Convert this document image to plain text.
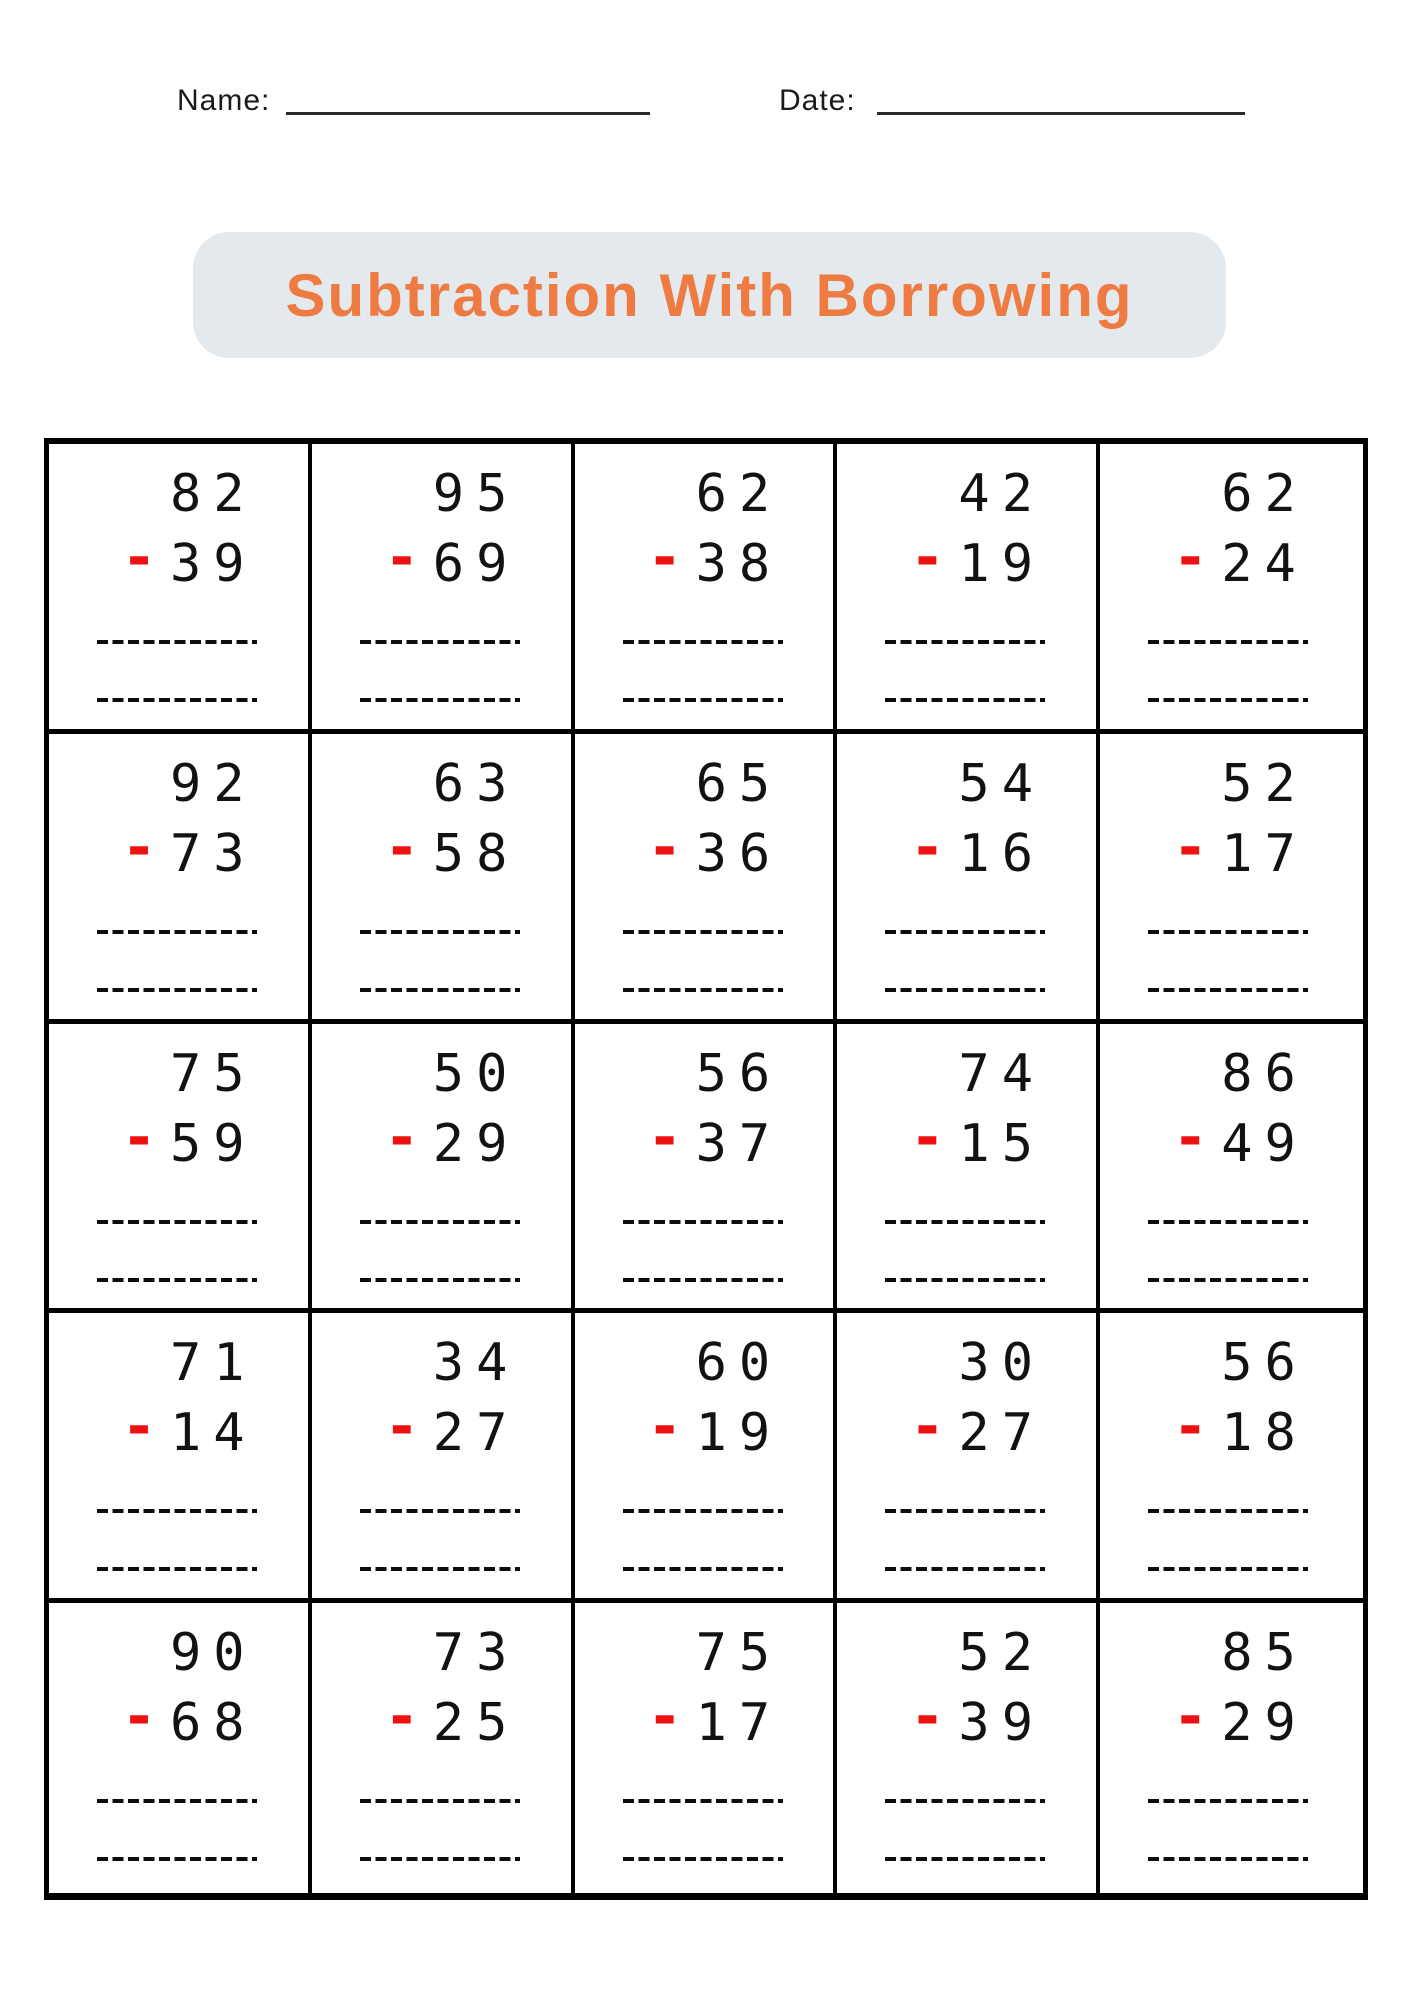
Name:	Date:
Subtraction With Borrowing
82
- 39
95
- 69
62
- 38
42
- 19
62
- 24
92
- 73
63
- 58
65
- 36
54
- 16
52
- 17
75
- 59
50
- 29
56
- 37
74
- 15
86
- 49
71
- 14
34
- 27
60
- 19
30
- 27
56
- 18
90
- 68
73
- 25
75
- 17
52
- 39
85
- 29
